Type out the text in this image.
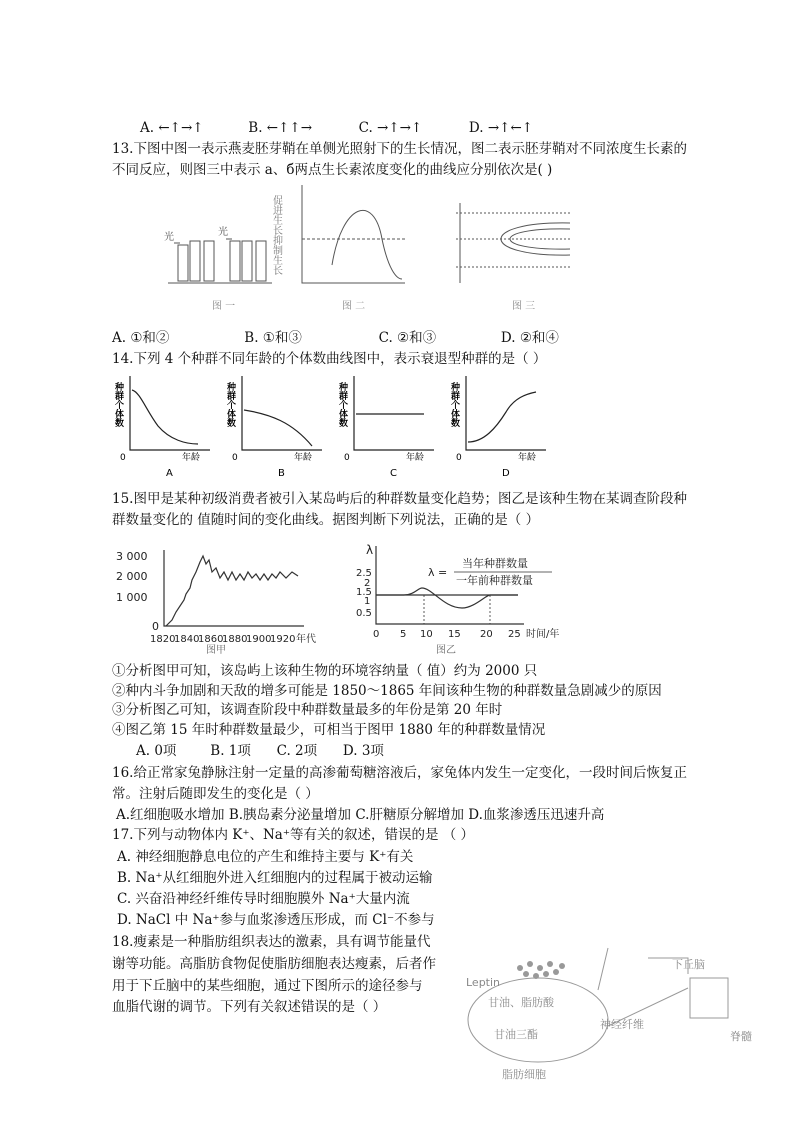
A. ←↑→↑	B. ←↑↑→	C. →↑→↑	D. →↑←↑
13.下图中图一表示燕麦胚芽鞘在单侧光照射下的生长情况，图二表示胚芽鞘对不同浓度生长素的不同反应，则图三中表示 a、б两点生长素浓度变化的曲线应分别依次是( )
光	光
图 一
促进生长抑制生长
图 二	图 三
A. ①和②	B. ①和③	C. ②和③	D. ②和④
14.下列 4 个种群不同年龄的个体数曲线图中，表示衰退型种群的是（ ）
种群个体数
0	年龄
A
种群个体数
0	年龄
B
种群个体数
0	年龄
C
种群个体数
0	年龄
D
15.图甲是某种初级消费者被引入某岛屿后的种群数量变化趋势；图乙是该种生物在某调查阶段种群数量变化的 值随时间的变化曲线。据图判断下列说法，正确的是（ ）
3 000
2 000
1 000
0
1820
1840
1860
1880
1900
1920 年代
图甲
λ
λ =
当年种群数量
一年前种群数量
2.5
2
1.5
1
0.5
0 5 10 15 20 25 时间/年
图乙
①分析图甲可知，该岛屿上该种生物的环境容纳量（ 值）约为 2000 只
②种内斗争加剧和天敌的增多可能是 1850～1865 年间该种生物的种群数量急剧减少的原因
③分析图乙可知，该调查阶段中种群数量最多的年份是第 20 年时
④图乙第 15 年时种群数量最少，可相当于图甲 1880 年的种群数量情况
A. 0项	B. 1项 C. 2项 D. 3项
16.给正常家兔静脉注射一定量的高渗葡萄糖溶液后，家兔体内发生一定变化，一段时间后恢复正常。注射后随即发生的变化是（ ）
A.红细胞吸水增加 B.胰岛素分泌量增加 C.肝糖原分解增加 D.血浆渗透压迅速升高
17.下列与动物体内 K⁺、Na⁺等有关的叙述，错误的是 （ ）
A. 神经细胞静息电位的产生和维持主要与 K⁺有关
B. Na⁺从红细胞外进入红细胞内的过程属于被动运输
C. 兴奋沿神经纤维传导时细胞膜外 Na⁺大量内流
D. NaCl 中 Na⁺参与血浆渗透压形成，而 Cl⁻不参与
18.瘦素是一种脂肪组织表达的激素，具有调节能量代
谢等功能。高脂肪食物促使脂肪细胞表达瘦素，后者作
用于下丘脑中的某些细胞，通过下图所示的途径参与
血脂代谢的调节。下列有关叙述错误的是（ ）
Leptin
下丘脑
脊髓
甘油、脂肪酸
甘油三酯
脂肪细胞
神经纤维
